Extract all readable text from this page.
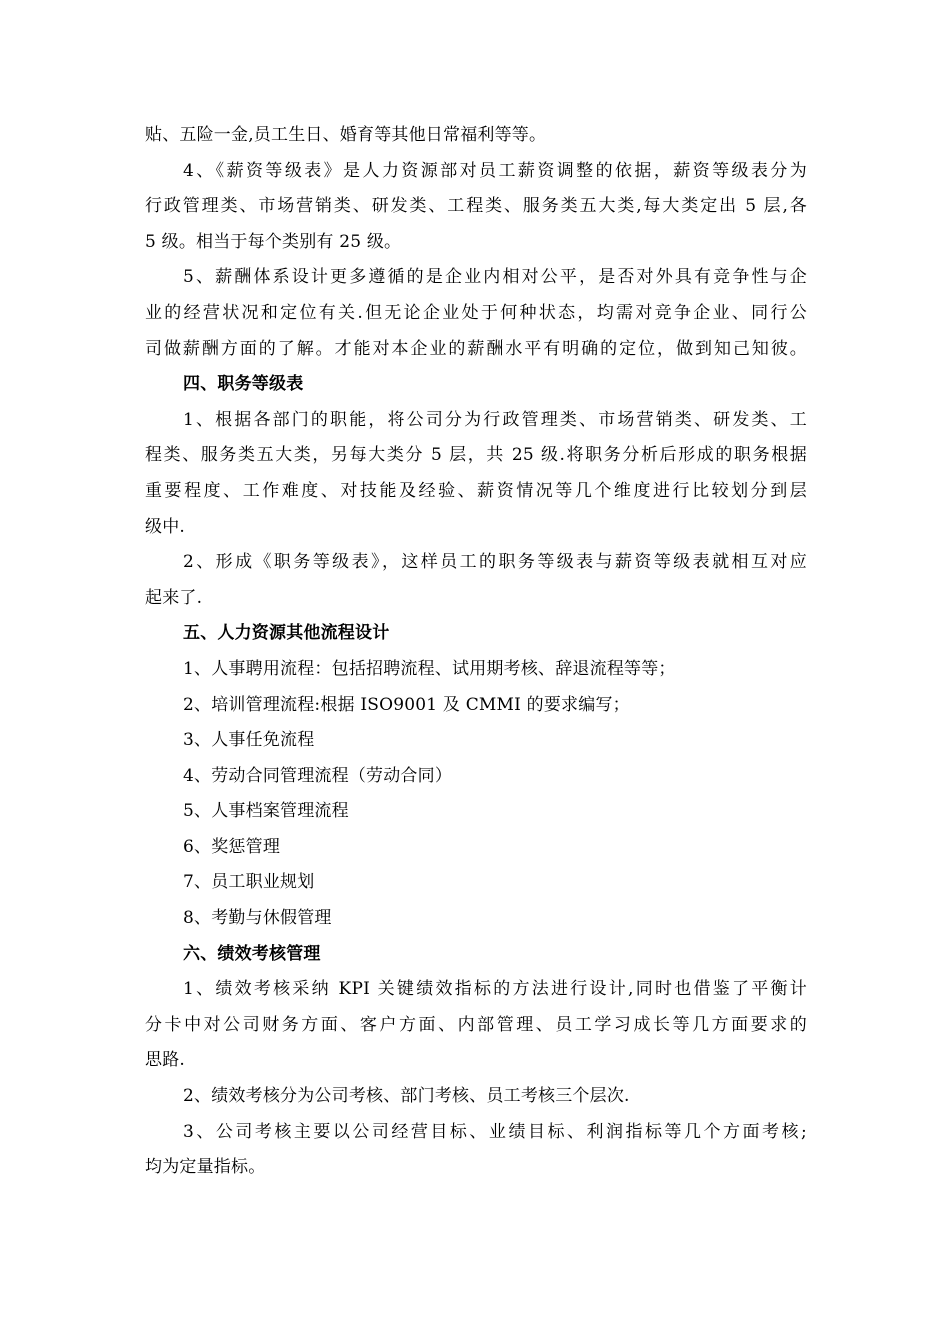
贴、五险一金,员工生日、婚育等其他日常福利等等。
4、《薪资等级表》是人力资源部对员工薪资调整的依据，薪资等级表分为
行政管理类、市场营销类、研发类、工程类、服务类五大类,每大类定出 5 层,各
5 级。相当于每个类别有 25 级。
5、薪酬体系设计更多遵循的是企业内相对公平，是否对外具有竞争性与企
业的经营状况和定位有关.但无论企业处于何种状态，均需对竞争企业、同行公
司做薪酬方面的了解。才能对本企业的薪酬水平有明确的定位，做到知己知彼。
四、职务等级表
1、根据各部门的职能，将公司分为行政管理类、市场营销类、研发类、工
程类、服务类五大类，另每大类分 5 层，共 25 级.将职务分析后形成的职务根据
重要程度、工作难度、对技能及经验、薪资情况等几个维度进行比较划分到层
级中.
2、形成《职务等级表》，这样员工的职务等级表与薪资等级表就相互对应
起来了.
五、人力资源其他流程设计
1、人事聘用流程：包括招聘流程、试用期考核、辞退流程等等；
2、培训管理流程:根据 ISO9001 及 CMMI 的要求编写；
3、人事任免流程
4、劳动合同管理流程（劳动合同）
5、人事档案管理流程
6、奖惩管理
7、员工职业规划
8、考勤与休假管理
六、绩效考核管理
1、绩效考核采纳 KPI 关键绩效指标的方法进行设计,同时也借鉴了平衡计
分卡中对公司财务方面、客户方面、内部管理、员工学习成长等几方面要求的
思路.
2、绩效考核分为公司考核、部门考核、员工考核三个层次.
3、公司考核主要以公司经营目标、业绩目标、利润指标等几个方面考核;
均为定量指标。
